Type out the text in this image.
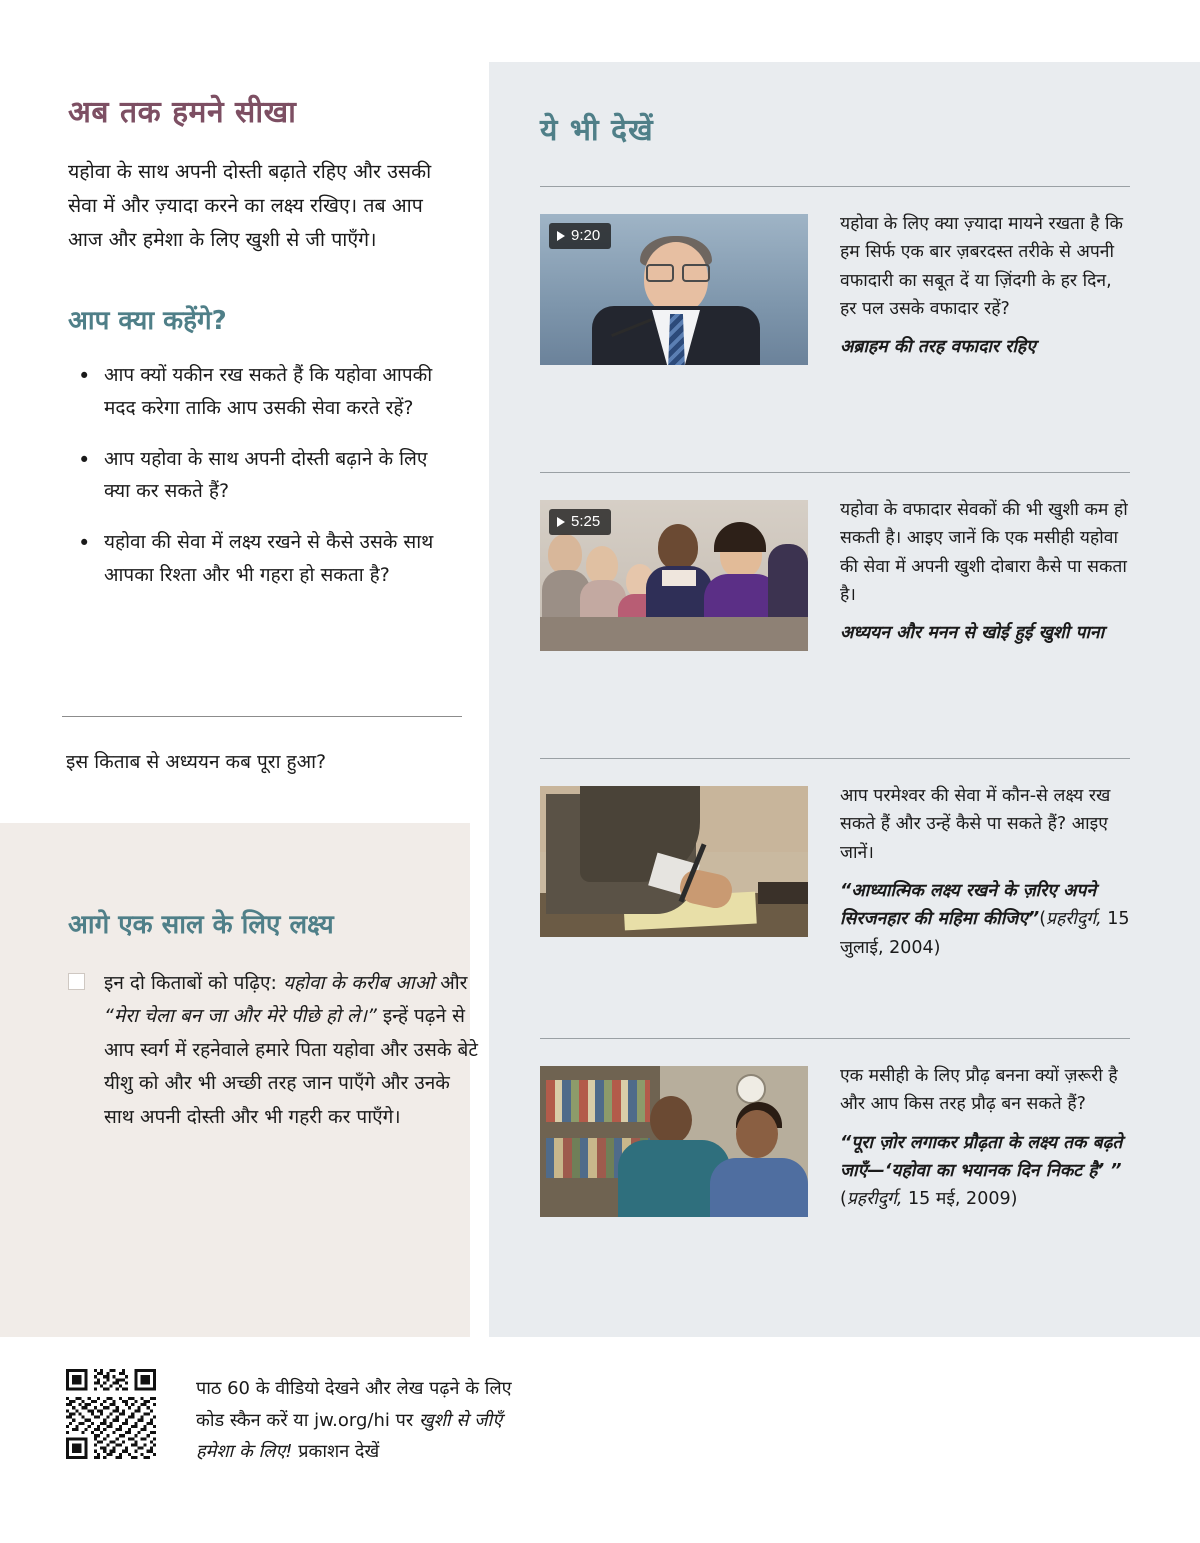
अब तक हमने सीखा

यहोवा के साथ अपनी दोस्ती बढ़ाते रहिए और उसकी सेवा में और ज़्यादा करने का लक्ष्य रखिए। तब आप आज और हमेशा के लिए खुशी से जी पाएँगे।

आप क्या कहेंगे?
• आप क्यों यकीन रख सकते हैं कि यहोवा आपकी मदद करेगा ताकि आप उसकी सेवा करते रहें?
• आप यहोवा के साथ अपनी दोस्ती बढ़ाने के लिए क्या कर सकते हैं?
• यहोवा की सेवा में लक्ष्य रखने से कैसे उसके साथ आपका रिश्ता और भी गहरा हो सकता है?
इस किताब से अध्ययन कब पूरा हुआ?
आगे एक साल के लिए लक्ष्य
इन दो किताबों को पढ़िए: यहोवा के करीब आओ और “मेरा चेला बन जा और मेरे पीछे हो ले।” इन्हें पढ़ने से आप स्वर्ग में रहनेवाले हमारे पिता यहोवा और उसके बेटे यीशु को और भी अच्छी तरह जान पाएँगे और उनके साथ अपनी दोस्ती और भी गहरी कर पाएँगे।
ये भी देखें
9:20
यहोवा के लिए क्या ज़्यादा मायने रखता है कि हम सिर्फ एक बार ज़बरदस्त तरीके से अपनी वफादारी का सबूत दें या ज़िंदगी के हर दिन, हर पल उसके वफादार रहें?
अब्राहम की तरह वफादार रहिए
5:25
यहोवा के वफादार सेवकों की भी खुशी कम हो सकती है। आइए जानें कि एक मसीही यहोवा की सेवा में अपनी खुशी दोबारा कैसे पा सकता है।
अध्ययन और मनन से खोई हुई खुशी पाना
आप परमेश्वर की सेवा में कौन-से लक्ष्य रख सकते हैं और उन्हें कैसे पा सकते हैं? आइए जानें।
“आध्यात्मिक लक्ष्य रखने के ज़रिए अपने सिरजनहार की महिमा कीजिए”(प्रहरीदुर्ग, 15 जुलाई, 2004)
एक मसीही के लिए प्रौढ़ बनना क्यों ज़रूरी है और आप किस तरह प्रौढ़ बन सकते हैं?
“पूरा ज़ोर लगाकर प्रौढ़ता के लक्ष्य तक बढ़ते जाएँ—‘यहोवा का भयानक दिन निकट है’ ”
(प्रहरीदुर्ग, 15 मई, 2009)
पाठ 60 के वीडियो देखने और लेख पढ़ने के लिए
कोड स्कैन करें या jw.org/hi पर खुशी से जीएँ
हमेशा के लिए! प्रकाशन देखें
